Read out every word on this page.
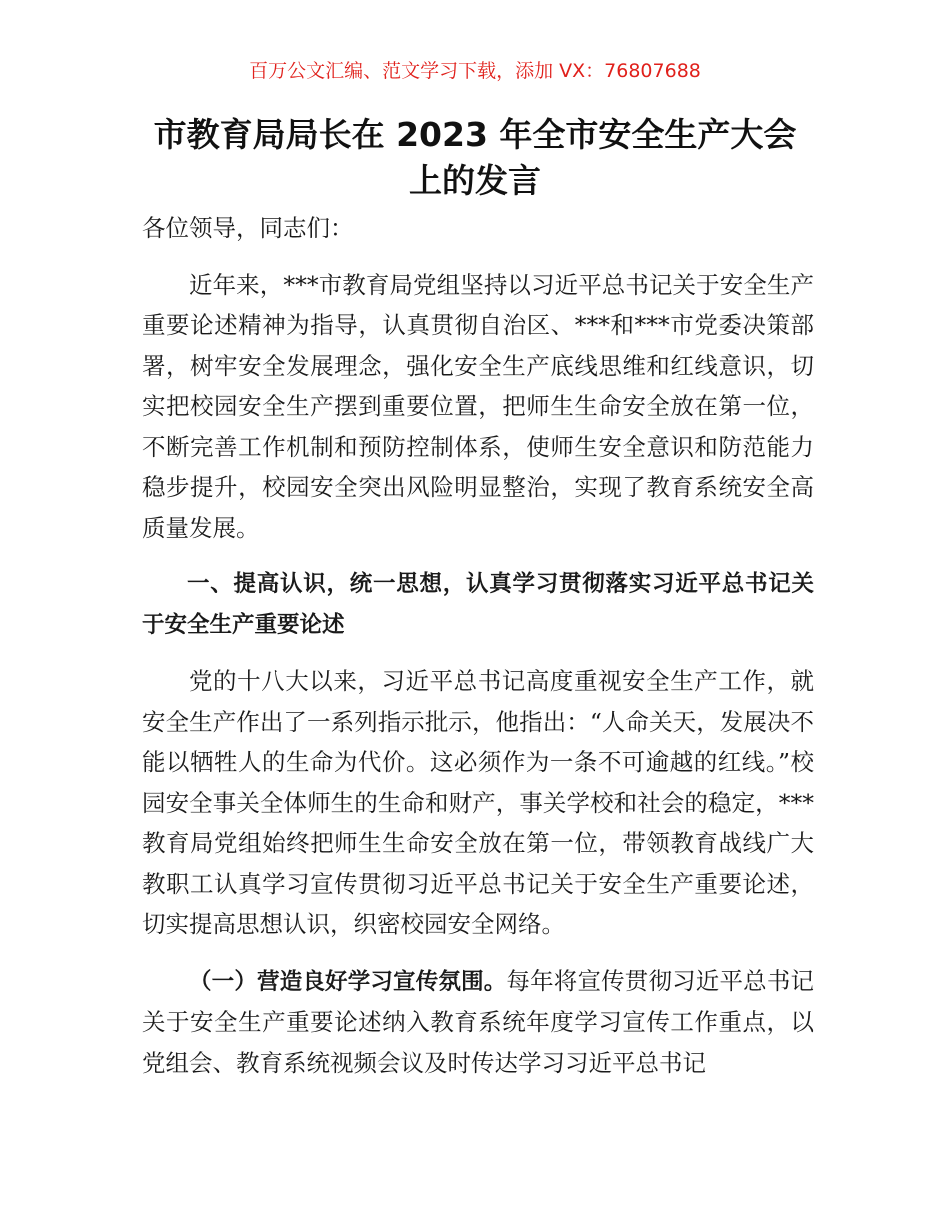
百万公文汇编、范文学习下载，添加 VX：76807688
市教育局局长在 2023 年全市安全生产大会
上的发言

各位领导，同志们：

近年来，***市教育局党组坚持以习近平总书记关于安全生产重要论述精神为指导，认真贯彻自治区、***和***市党委决策部署，树牢安全发展理念，强化安全生产底线思维和红线意识，切实把校园安全生产摆到重要位置，把师生生命安全放在第一位，不断完善工作机制和预防控制体系，使师生安全意识和防范能力稳步提升，校园安全突出风险明显整治，实现了教育系统安全高质量发展。

一、提高认识，统一思想，认真学习贯彻落实习近平总书记关于安全生产重要论述

党的十八大以来，习近平总书记高度重视安全生产工作，就安全生产作出了一系列指示批示，他指出：“人命关天，发展决不能以牺牲人的生命为代价。这必须作为一条不可逾越的红线。”校园安全事关全体师生的生命和财产，事关学校和社会的稳定，***教育局党组始终把师生生命安全放在第一位，带领教育战线广大教职工认真学习宣传贯彻习近平总书记关于安全生产重要论述，切实提高思想认识，织密校园安全网络。

（一）营造良好学习宣传氛围。每年将宣传贯彻习近平总书记关于安全生产重要论述纳入教育系统年度学习宣传工作重点，以党组会、教育系统视频会议及时传达学习习近平总书记
